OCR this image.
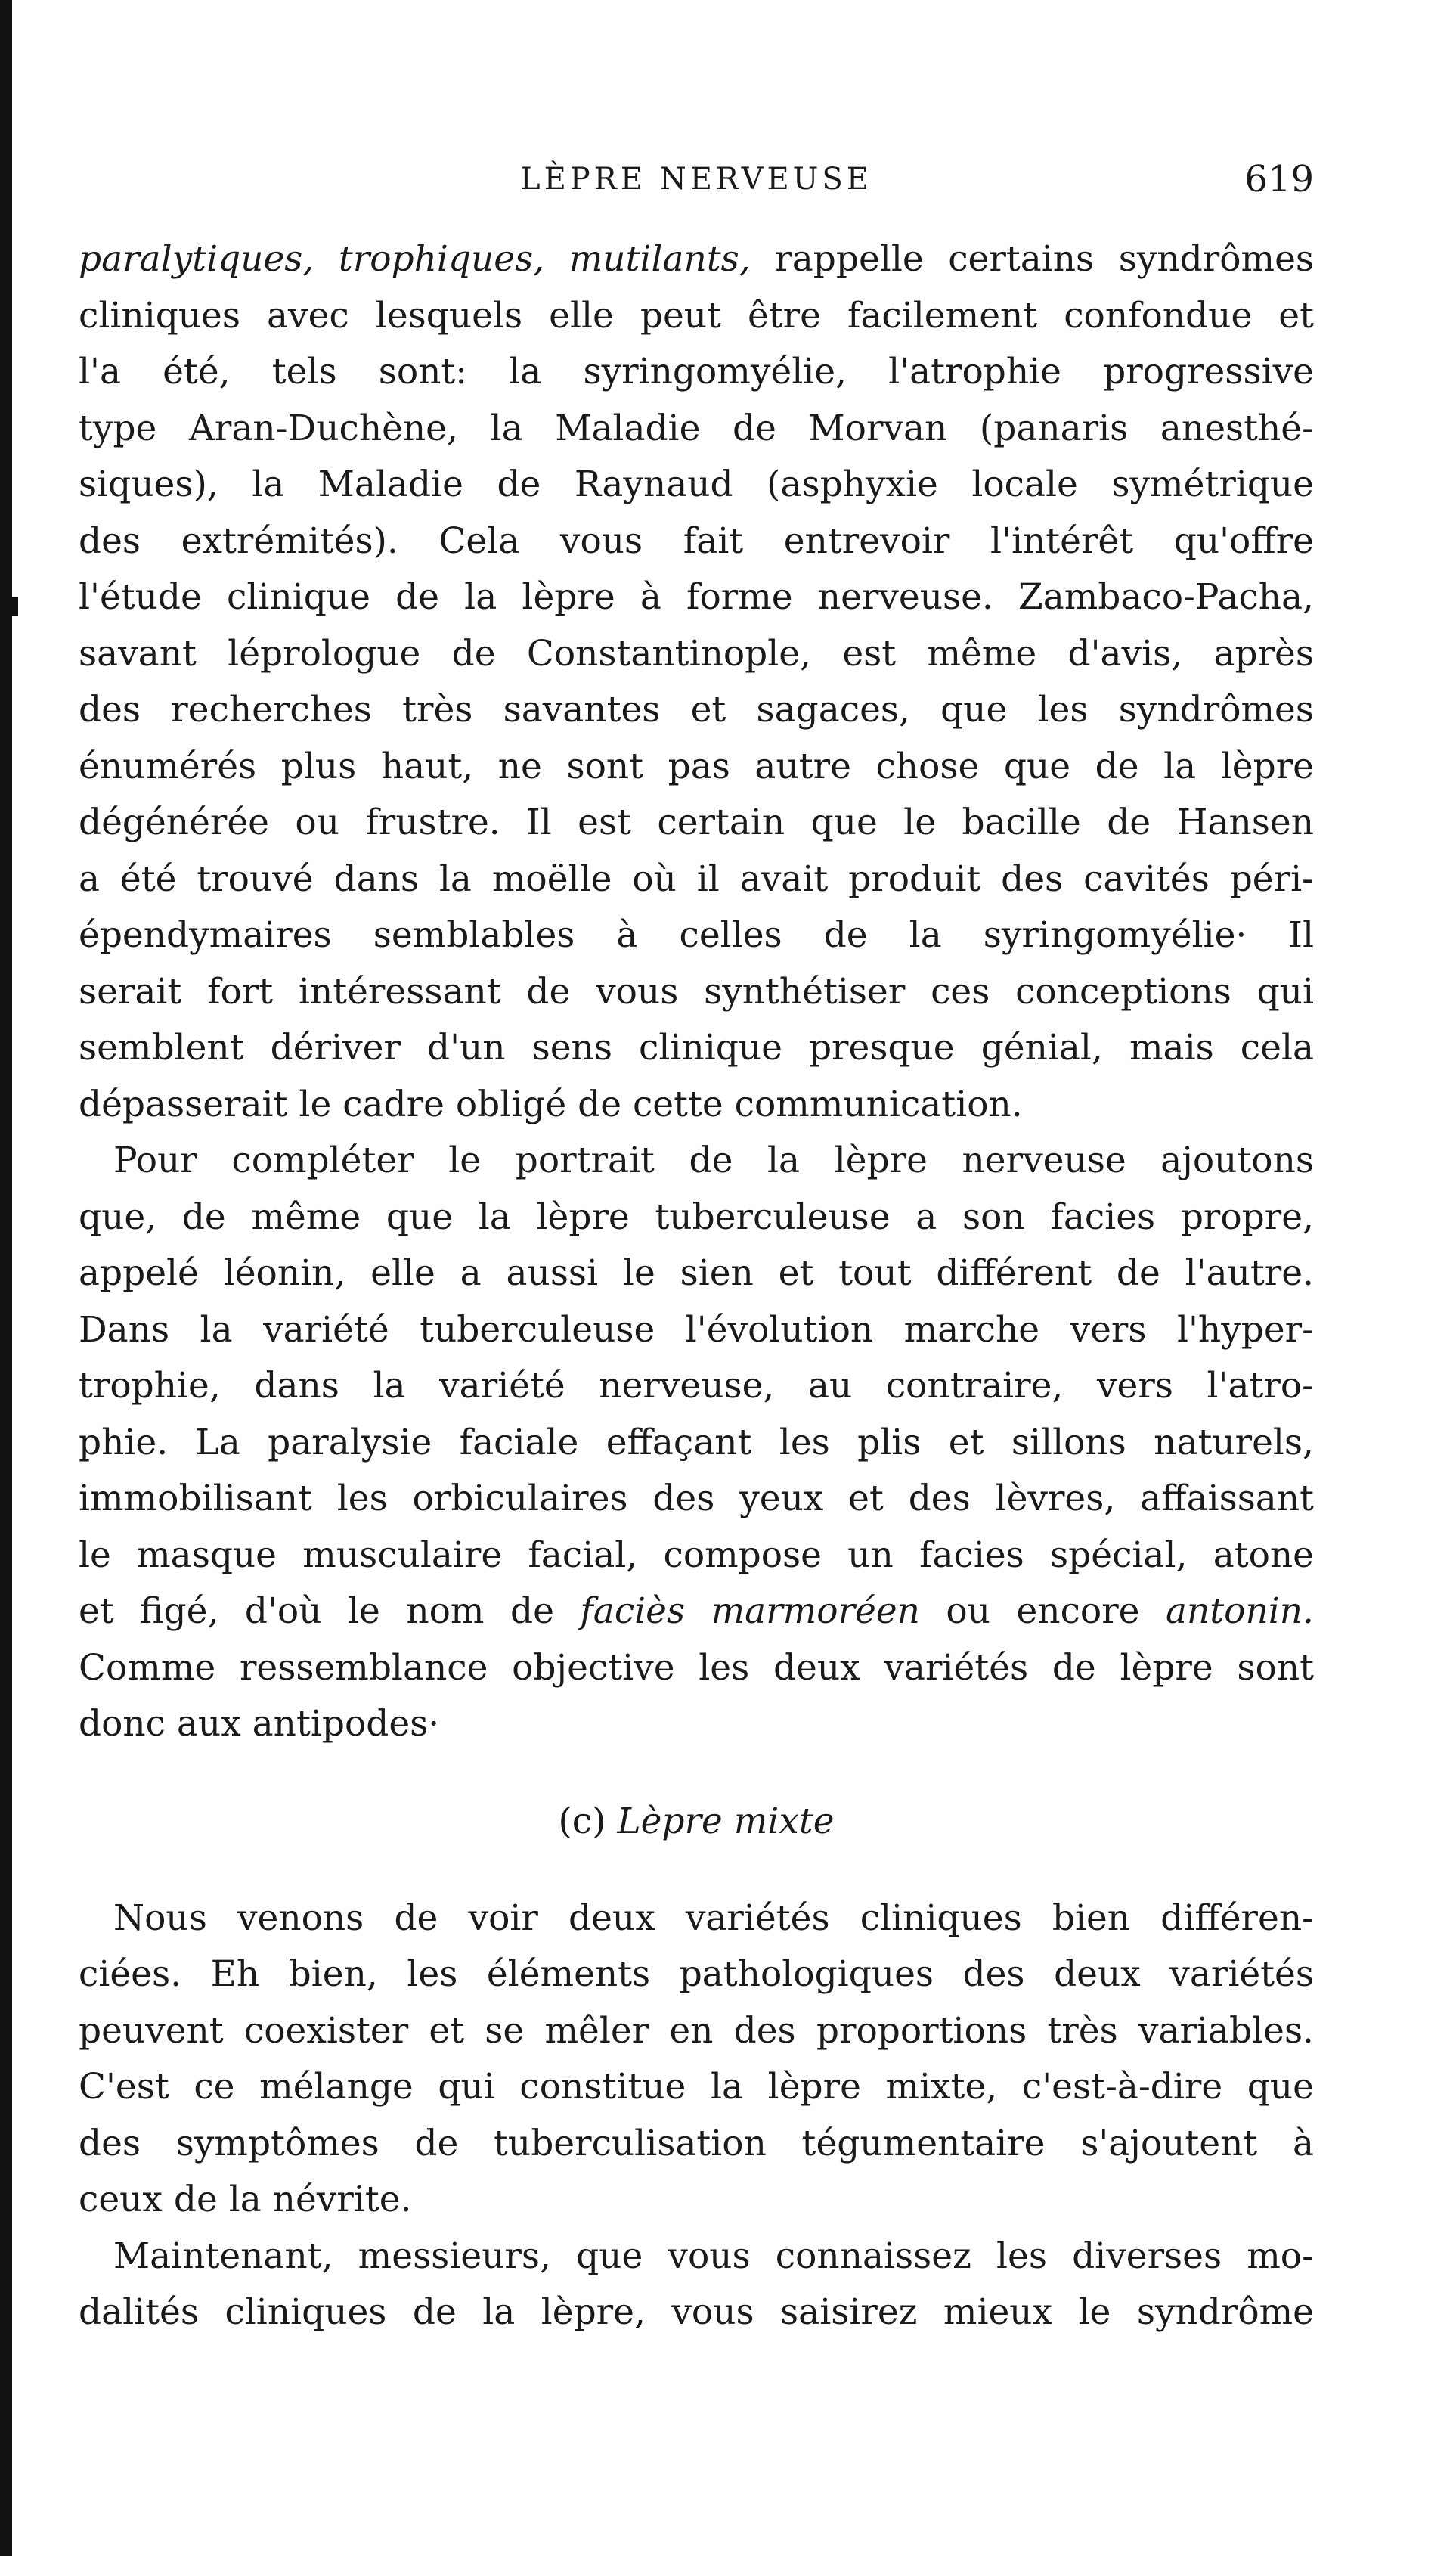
LÈPRE NERVEUSE	619

paralytiques, trophiques, mutilants, rappelle certains syndrômes
cliniques avec lesquels elle peut être facilement confondue et
l'a été, tels sont: la syringomyélie, l'atrophie progressive
type Aran-Duchène, la Maladie de Morvan (panaris anesthé-
siques), la Maladie de Raynaud (asphyxie locale symétrique
des extrémités). Cela vous fait entrevoir l'intérêt qu'offre
l'étude clinique de la lèpre à forme nerveuse. Zambaco-Pacha,
savant léprologue de Constantinople, est même d'avis, après
des recherches très savantes et sagaces, que les syndrômes
énumérés plus haut, ne sont pas autre chose que de la lèpre
dégénérée ou frustre. Il est certain que le bacille de Hansen
a été trouvé dans la moëlle où il avait produit des cavités péri-
épendymaires semblables à celles de la syringomyélie· Il
serait fort intéressant de vous synthétiser ces conceptions qui
semblent dériver d'un sens clinique presque génial, mais cela
dépasserait le cadre obligé de cette communication.

Pour compléter le portrait de la lèpre nerveuse ajoutons
que, de même que la lèpre tuberculeuse a son facies propre,
appelé léonin, elle a aussi le sien et tout différent de l'autre.
Dans la variété tuberculeuse l'évolution marche vers l'hyper-
trophie, dans la variété nerveuse, au contraire, vers l'atro-
phie. La paralysie faciale effaçant les plis et sillons naturels,
immobilisant les orbiculaires des yeux et des lèvres, affaissant
le masque musculaire facial, compose un facies spécial, atone
et figé, d'où le nom de faciès marmoréen ou encore antonin.
Comme ressemblance objective les deux variétés de lèpre sont
donc aux antipodes·

(c) Lèpre mixte

Nous venons de voir deux variétés cliniques bien différen-
ciées. Eh bien, les éléments pathologiques des deux variétés
peuvent coexister et se mêler en des proportions très variables.
C'est ce mélange qui constitue la lèpre mixte, c'est-à-dire que
des symptômes de tuberculisation tégumentaire s'ajoutent à
ceux de la névrite.

Maintenant, messieurs, que vous connaissez les diverses mo-
dalités cliniques de la lèpre, vous saisirez mieux le syndrôme
